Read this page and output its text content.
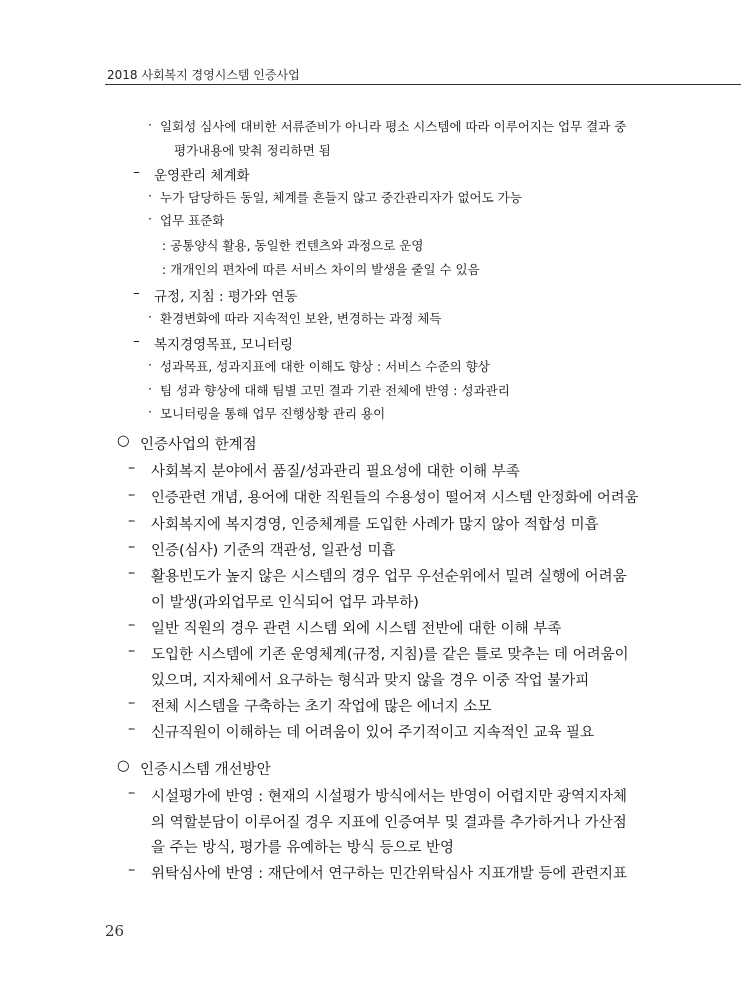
2018 사회복지 경영시스템 인증사업
· 일회성 심사에 대비한 서류준비가 아니라 평소 시스템에 따라 이루어지는 업무 결과 중
평가내용에 맞춰 정리하면 됨
– 운영관리 체계화
· 누가 담당하든 동일, 체계를 흔들지 않고 중간관리자가 없어도 가능
· 업무 표준화
: 공통양식 활용, 동일한 컨텐츠와 과정으로 운영
: 개개인의 편차에 따른 서비스 차이의 발생을 줄일 수 있음
– 규정, 지침 : 평가와 연동
· 환경변화에 따라 지속적인 보완, 변경하는 과정 체득
– 복지경영목표, 모니터링
· 성과목표, 성과지표에 대한 이해도 향상 : 서비스 수준의 향상
· 팀 성과 향상에 대해 팀별 고민 결과 기관 전체에 반영 : 성과관리
· 모니터링을 통해 업무 진행상황 관리 용이
○ 인증사업의 한계점
– 사회복지 분야에서 품질/성과관리 필요성에 대한 이해 부족
– 인증관련 개념, 용어에 대한 직원들의 수용성이 떨어져 시스템 안정화에 어려움
– 사회복지에 복지경영, 인증체계를 도입한 사례가 많지 않아 적합성 미흡
– 인증(심사) 기준의 객관성, 일관성 미흡
– 활용빈도가 높지 않은 시스템의 경우 업무 우선순위에서 밀려 실행에 어려움
이 발생(과외업무로 인식되어 업무 과부하)
– 일반 직원의 경우 관련 시스템 외에 시스템 전반에 대한 이해 부족
– 도입한 시스템에 기존 운영체계(규정, 지침)를 같은 틀로 맞추는 데 어려움이
있으며, 지자체에서 요구하는 형식과 맞지 않을 경우 이중 작업 불가피
– 전체 시스템을 구축하는 초기 작업에 많은 에너지 소모
– 신규직원이 이해하는 데 어려움이 있어 주기적이고 지속적인 교육 필요
○ 인증시스템 개선방안
– 시설평가에 반영 : 현재의 시설평가 방식에서는 반영이 어렵지만 광역지자체
의 역할분담이 이루어질 경우 지표에 인증여부 및 결과를 추가하거나 가산점
을 주는 방식, 평가를 유예하는 방식 등으로 반영
– 위탁심사에 반영 : 재단에서 연구하는 민간위탁심사 지표개발 등에 관련지표
26
